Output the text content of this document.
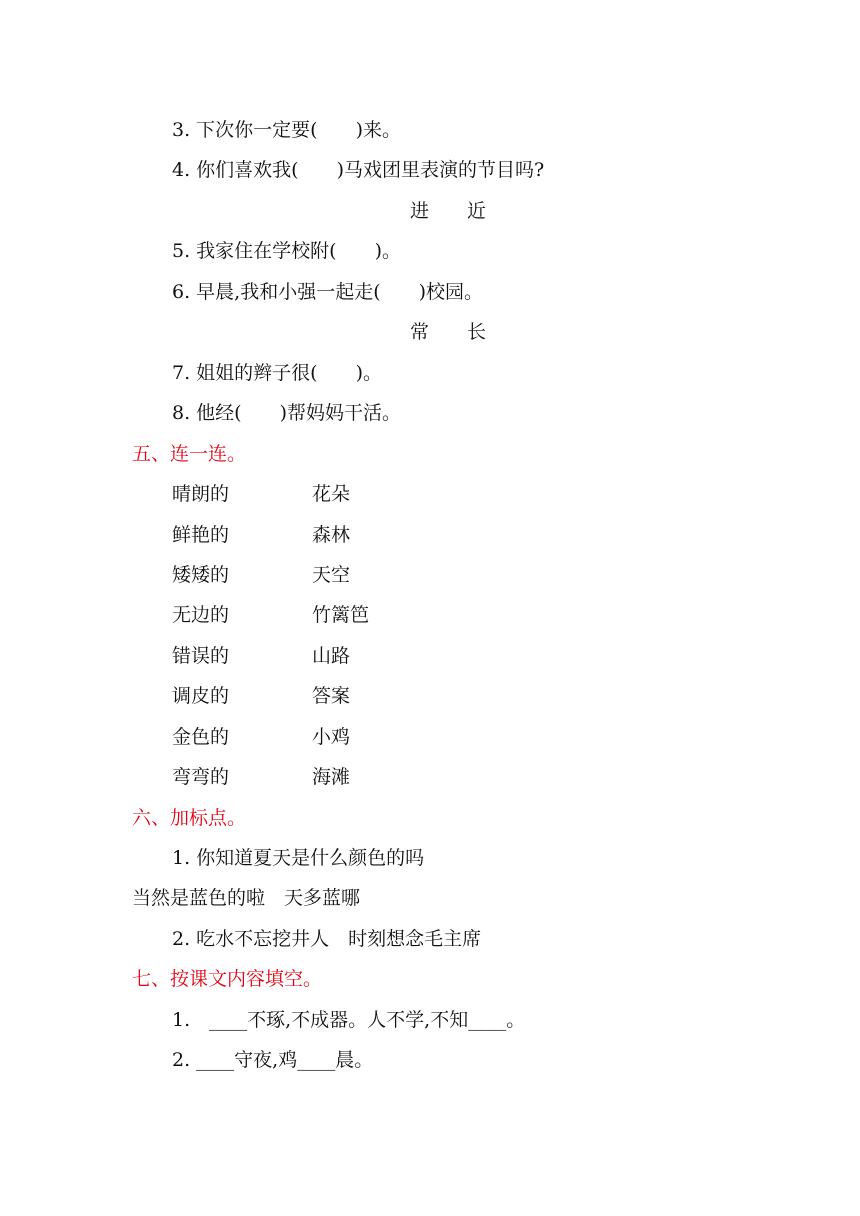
3. 下次你一定要(　　)来。
4. 你们喜欢我(　　)马戏团里表演的节目吗?
进　　近
5. 我家住在学校附(　　)。
6. 早晨,我和小强一起走(　　)校园。
常　　长
7. 姐姐的辫子很(　　)。
8. 他经(　　)帮妈妈干活。
五、连一连。
晴朗的	花朵
鲜艳的	森林
矮矮的	天空
无边的	竹篱笆
错误的	山路
调皮的	答案
金色的	小鸡
弯弯的	海滩
六、加标点。
1. 你知道夏天是什么颜色的吗
当然是蓝色的啦　天多蓝哪
2. 吃水不忘挖井人　时刻想念毛主席
七、按课文内容填空。
1.　____不琢,不成器。人不学,不知____。
2. ____守夜,鸡____晨。
